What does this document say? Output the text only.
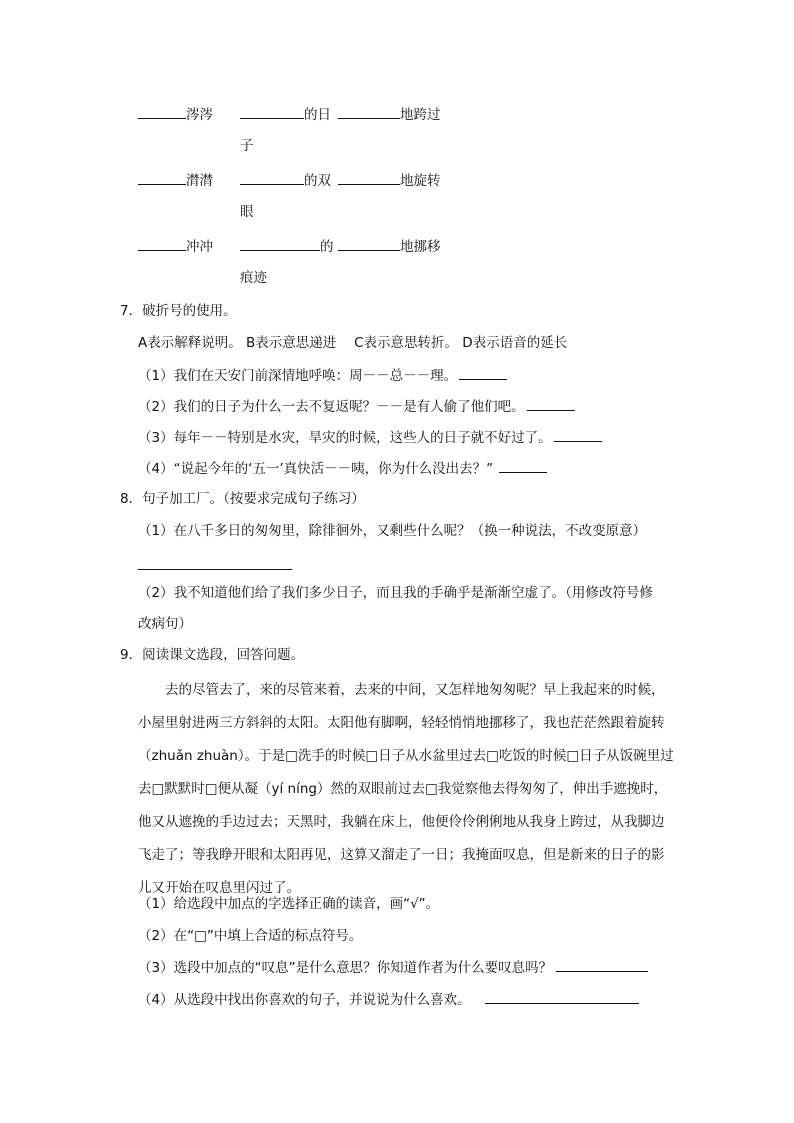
涔涔	的日	地跨过
子
潸潸	的双	地旋转
眼
冲冲	的	地挪移
痕迹
7．破折号的使用。
A表示解释说明。 B表示意思递进　 C表示意思转折。 D表示语音的延长
（1）我们在天安门前深情地呼唤：周－－总－－理。
（2）我们的日子为什么一去不复返呢？－－是有人偷了他们吧。
（3）每年－－特别是水灾，旱灾的时候，这些人的日子就不好过了。
（4）“说起今年的‘五一’真快活－－咦，你为什么没出去？”
8．句子加工厂。（按要求完成句子练习）
（1）在八千多日的匆匆里，除徘徊外，又剩些什么呢？（换一种说法，不改变原意）
（2）我不知道他们给了我们多少日子，而且我的手确乎是渐渐空虚了。（用修改符号修
改病句）
9．阅读课文选段，回答问题。
去的尽管去了，来的尽管来着，去来的中间，又怎样地匆匆呢？早上我起来的时候，小屋里射进两三方斜斜的太阳。太阳他有脚啊，轻轻悄悄地挪移了，我也茫茫然跟着旋转（zhuǎn zhuàn）。于是□洗手的时候□日子从水盆里过去□吃饭的时候□日子从饭碗里过去□默默时□便从凝（yí níng）然的双眼前过去□我觉察他去得匆匆了，伸出手遮挽时，他又从遮挽的手边过去；天黑时，我躺在床上，他便伶伶俐俐地从我身上跨过，从我脚边飞走了；等我睁开眼和太阳再见，这算又溜走了一日；我掩面叹息，但是新来的日子的影儿又开始在叹息里闪过了。
（1）给选段中加点的字选择正确的读音，画“√”。
（2）在“□”中填上合适的标点符号。
（3）选段中加点的“叹息”是什么意思？你知道作者为什么要叹息吗？
（4）从选段中找出你喜欢的句子，并说说为什么喜欢。
